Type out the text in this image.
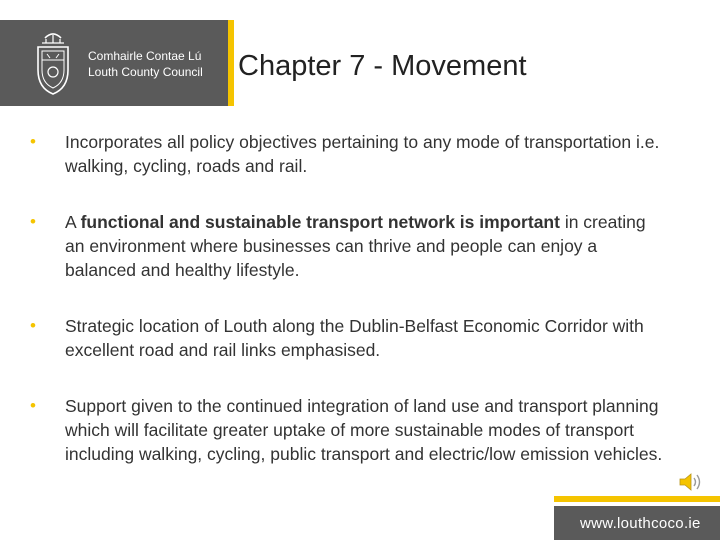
Comhairle Contae Lú
Louth County Council Chapter 7 - Movement
• Incorporates all policy objectives pertaining to any mode of transportation i.e. walking, cycling, roads and rail.
• A functional and sustainable transport network is important in creating an environment where businesses can thrive and people can enjoy a balanced and healthy lifestyle.
• Strategic location of Louth along the Dublin-Belfast Economic Corridor with excellent road and rail links emphasised.
• Support given to the continued integration of land use and transport planning which will facilitate greater uptake of more sustainable modes of transport including walking, cycling, public transport and electric/low emission vehicles.
www.louthcoco.ie
